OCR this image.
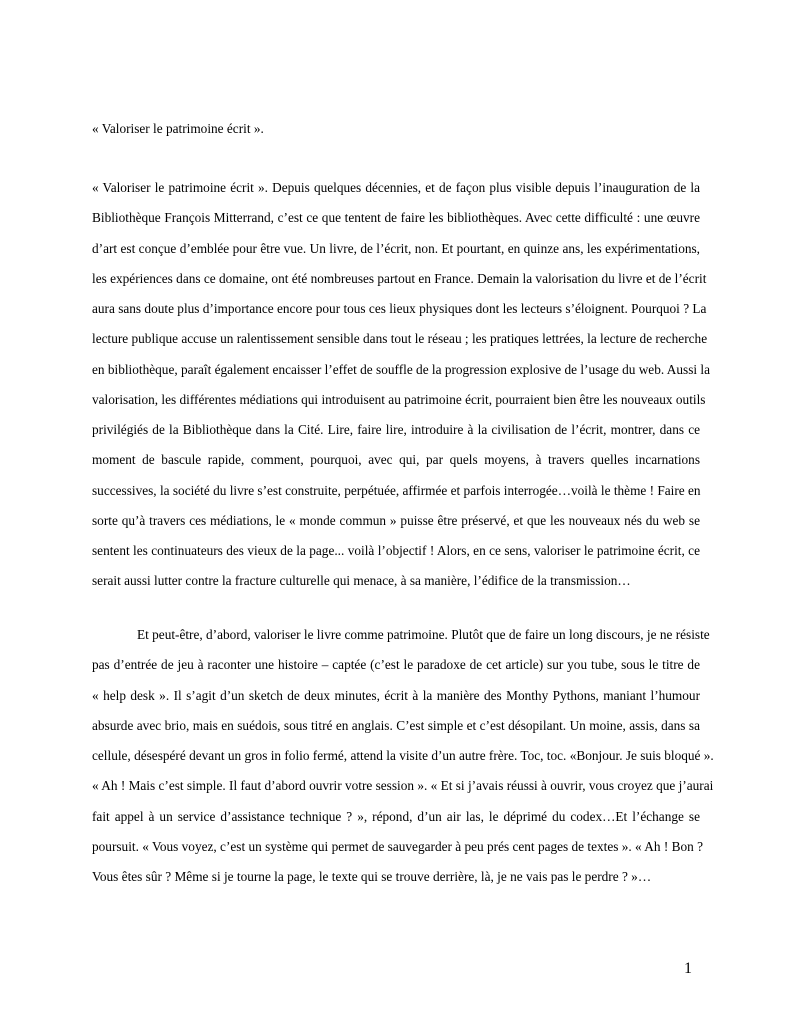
« Valoriser le patrimoine écrit ».
« Valoriser le patrimoine écrit ». Depuis quelques décennies, et de façon plus visible depuis l’inauguration de la
Bibliothèque François Mitterrand, c’est ce que tentent de faire les bibliothèques. Avec cette difficulté : une œuvre
d’art est conçue d’emblée pour être vue. Un livre, de l’écrit, non. Et pourtant, en quinze ans, les expérimentations,
les expériences dans ce domaine, ont été nombreuses partout en France. Demain la valorisation du livre et de l’écrit
aura sans doute plus d’importance encore pour tous ces lieux physiques dont les lecteurs s’éloignent. Pourquoi ? La
lecture publique accuse un ralentissement sensible dans tout le réseau ; les pratiques lettrées, la lecture de recherche
en bibliothèque, paraît également encaisser l’effet de souffle de la progression explosive de l’usage du web. Aussi la
valorisation, les différentes médiations qui introduisent au patrimoine écrit, pourraient bien être les nouveaux outils
privilégiés de la Bibliothèque dans la Cité. Lire, faire lire, introduire à la civilisation de l’écrit, montrer, dans ce
moment de bascule rapide, comment, pourquoi, avec qui, par quels moyens, à travers quelles incarnations
successives, la société du livre s’est construite, perpétuée, affirmée et parfois interrogée…voilà le thème ! Faire en
sorte qu’à travers ces médiations, le « monde commun » puisse être préservé, et que les nouveaux nés du web se
sentent les continuateurs des vieux de la page... voilà l’objectif ! Alors, en ce sens, valoriser le patrimoine écrit, ce
serait aussi lutter contre la fracture culturelle qui menace, à sa manière, l’édifice de la transmission…
Et peut-être, d’abord, valoriser le livre comme patrimoine. Plutôt que de faire un long discours, je ne résiste
pas d’entrée de jeu à raconter une histoire – captée (c’est le paradoxe de cet article) sur you tube, sous le titre de
« help desk ». Il s’agit d’un sketch de deux minutes, écrit à la manière des Monthy Pythons, maniant l’humour
absurde avec brio, mais en suédois, sous titré en anglais. C’est simple et c’est désopilant. Un moine, assis, dans sa
cellule, désespéré devant un gros in folio fermé, attend la visite d’un autre frère. Toc, toc. «Bonjour. Je suis bloqué ».
« Ah ! Mais c’est simple. Il faut d’abord ouvrir votre session ». « Et si j’avais réussi à ouvrir, vous croyez que j’aurai
fait appel à un service d’assistance technique ? », répond, d’un air las, le déprimé du codex…Et l’échange se
poursuit. « Vous voyez, c’est un système qui permet de sauvegarder à peu prés cent pages de textes ». « Ah ! Bon ?
Vous êtes sûr ? Même si je tourne la page, le texte qui se trouve derrière, là, je ne vais pas le perdre ? »…
1
